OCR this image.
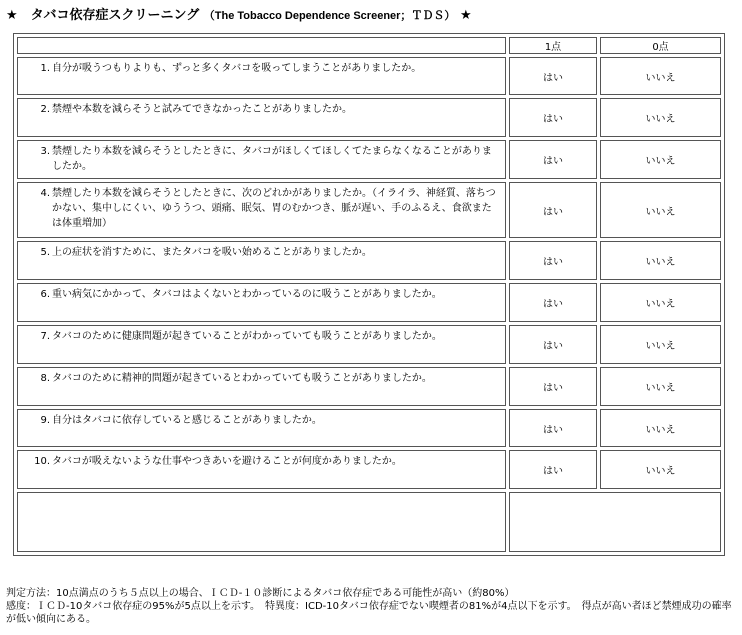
★　タバコ依存症スクリーニング （The Tobacco Dependence Screener；ＴＤＳ） ★
	1点	0点
1. 自分が吸うつもりよりも、ずっと多くタバコを吸ってしまうことがありましたか。	はい	いいえ
2. 禁煙や本数を減らそうと試みてできなかったことがありましたか。	はい	いいえ
3. 禁煙したり本数を減らそうとしたときに、タバコがほしくてほしくてたまらなくなることがありましたか。	はい	いいえ
4. 禁煙したり本数を減らそうとしたときに、次のどれかがありましたか。（イライラ、神経質、落ちつかない、集中しにくい、ゆううつ、頭痛、眠気、胃のむかつき、脈が遅い、手のふるえ、食欲または体重増加）	はい	いいえ
5. 上の症状を消すために、またタバコを吸い始めることがありましたか。	はい	いいえ
6. 重い病気にかかって、タバコはよくないとわかっているのに吸うことがありましたか。	はい	いいえ
7. タバコのために健康問題が起きていることがわかっていても吸うことがありましたか。	はい	いいえ
8. タバコのために精神的問題が起きているとわかっていても吸うことがありましたか。	はい	いいえ
9. 自分はタバコに依存していると感じることがありましたか。	はい	いいえ
10. タバコが吸えないような仕事やつきあいを避けることが何度かありましたか。	はい	いいえ

判定方法：10点満点のうち５点以上の場合、ＩＣＤ-１０診断によるタバコ依存症である可能性が高い（約80%）
感度：ＩＣＤ-10タバコ依存症の95%が5点以上を示す。　特異度：ICD-10タバコ依存症でない喫煙者の81%が4点以下を示す。　得点が高い者ほど禁煙成功の確率が低い傾向にある。
